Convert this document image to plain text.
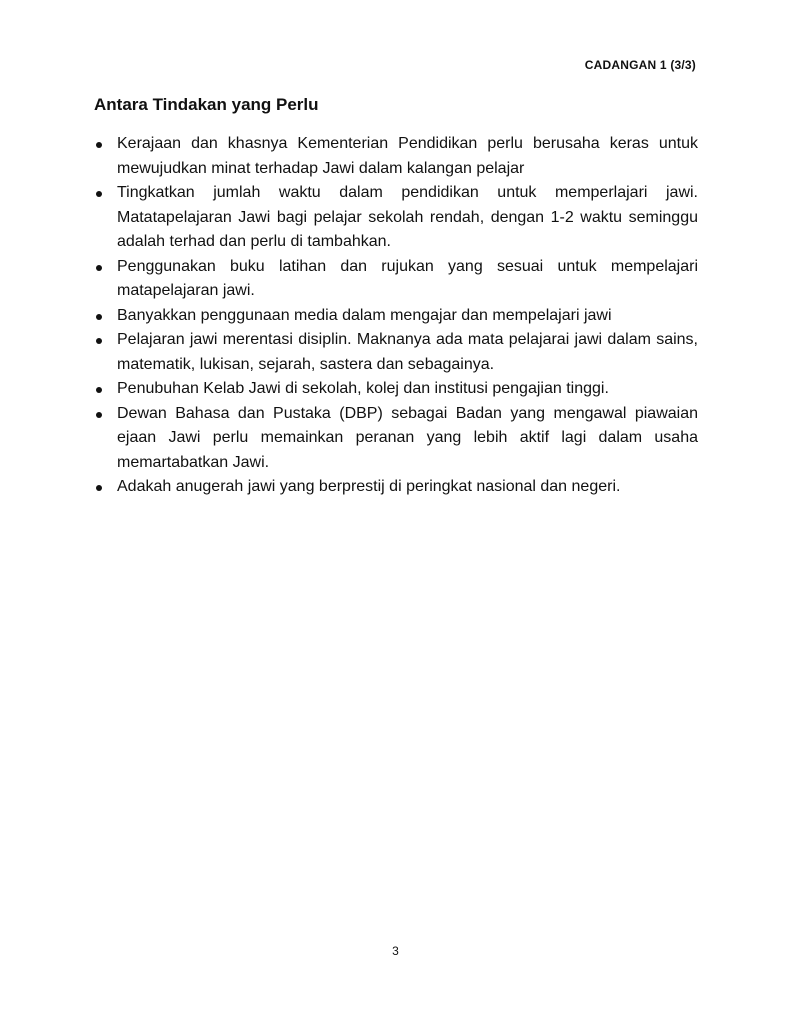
CADANGAN 1 (3/3)
Antara Tindakan yang Perlu
Kerajaan dan khasnya Kementerian Pendidikan perlu berusaha keras untuk mewujudkan minat terhadap Jawi dalam kalangan pelajar
Tingkatkan jumlah waktu dalam pendidikan untuk memperlajari jawi. Matatapelajaran Jawi bagi pelajar sekolah rendah, dengan 1-2 waktu seminggu adalah terhad dan perlu di tambahkan.
Penggunakan buku latihan dan rujukan yang sesuai untuk mempelajari matapelajaran jawi.
Banyakkan penggunaan media dalam mengajar dan mempelajari jawi
Pelajaran jawi merentasi disiplin. Maknanya ada mata pelajarai jawi dalam sains, matematik, lukisan, sejarah, sastera dan sebagainya.
Penubuhan Kelab Jawi di sekolah, kolej dan institusi pengajian tinggi.
Dewan Bahasa dan Pustaka (DBP) sebagai Badan yang mengawal piawaian ejaan Jawi perlu memainkan peranan yang lebih aktif lagi dalam usaha memartabatkan Jawi.
Adakah anugerah jawi yang berprestij di peringkat nasional dan negeri.
3
